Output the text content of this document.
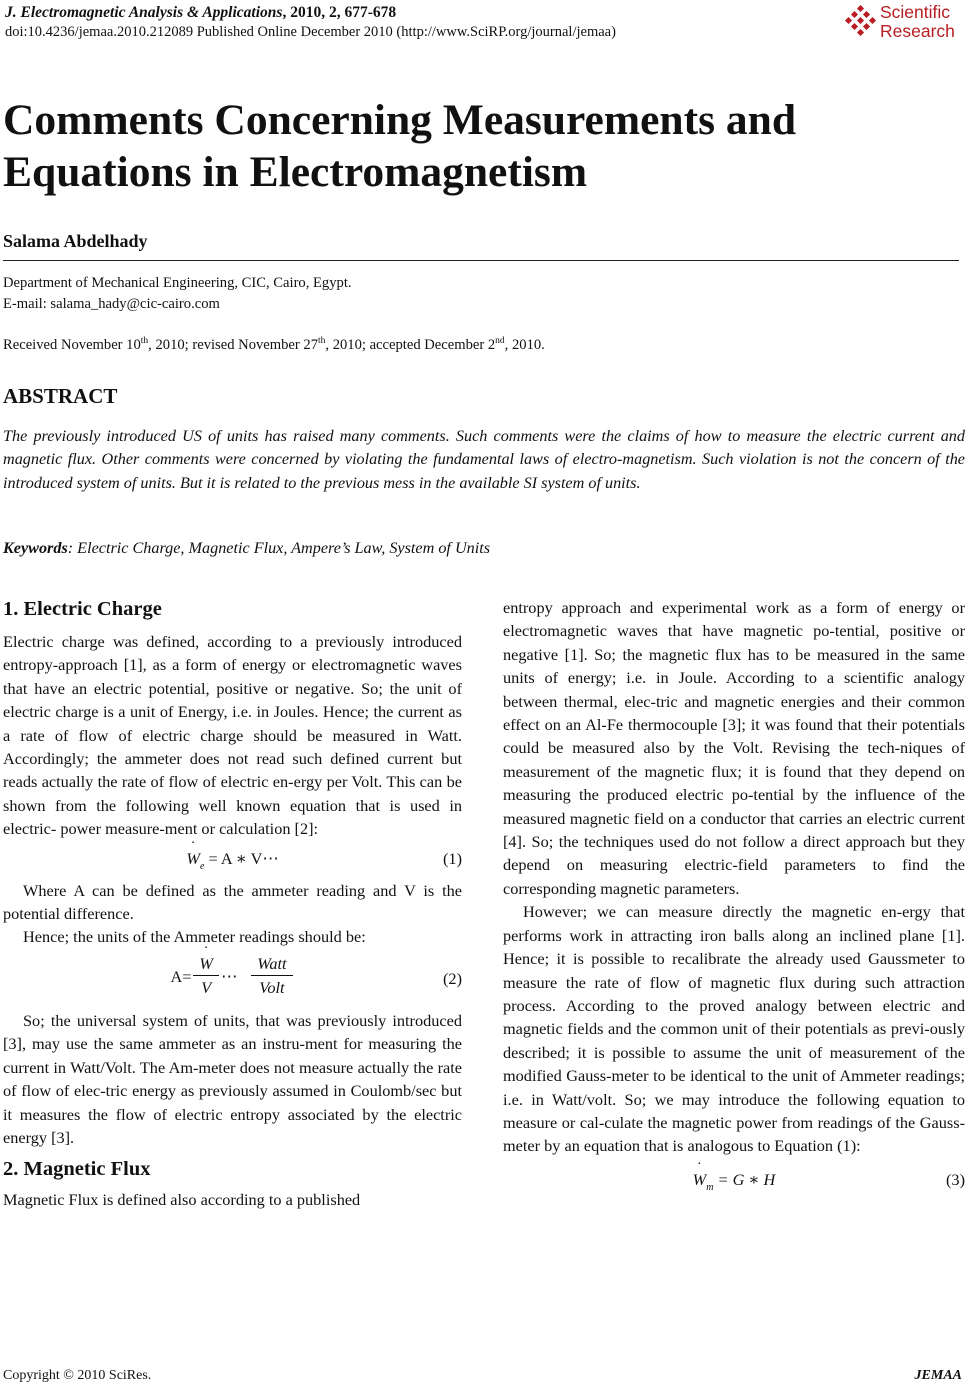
J. Electromagnetic Analysis & Applications, 2010, 2, 677-678
doi:10.4236/jemaa.2010.212089 Published Online December 2010 (http://www.SciRP.org/journal/jemaa)
Scientific
Research
Comments Concerning Measurements and
Equations in Electromagnetism
Salama Abdelhady
Department of Mechanical Engineering, CIC, Cairo, Egypt.
E-mail: salama_hady@cic-cairo.com
Received November 10th, 2010; revised November 27th, 2010; accepted December 2nd, 2010.
ABSTRACT

The previously introduced US of units has raised many comments. Such comments were the claims of how to measure the electric current and magnetic flux. Other comments were concerned by violating the fundamental laws of electro-magnetism. Such violation is not the concern of the introduced system of units. But it is related to the previous mess in the available SI system of units.

Keywords: Electric Charge, Magnetic Flux, Ampere’s Law, System of Units
1. Electric Charge

Electric charge was defined, according to a previously introduced entropy-approach [1], as a form of energy or electromagnetic waves that have an electric potential, positive or negative. So; the unit of electric charge is a unit of Energy, i.e. in Joules. Hence; the current as a rate of flow of electric charge should be measured in Watt. Accordingly; the ammeter does not read such defined current but reads actually the rate of flow of electric en-ergy per Volt. This can be shown from the following well known equation that is used in electric- power measure-ment or calculation [2]:

˙ $W_e = A$ ∗ V⋯	(1)

Where A can be defined as the ammeter reading and V is the potential difference.

Hence; the units of the Ammeter readings should be:

A=
˙ $\frac{W}{V}$ ⋯ $\frac{\text{Watt}}{\text{Volt}}$	(2)

So; the universal system of units, that was previously introduced [3], may use the same ammeter as an instru-ment for measuring the current in Watt/Volt. The Am-meter does not measure actually the rate of flow of elec-tric energy as previously assumed in Coulomb/sec but it measures the flow of electric entropy associated by the electric energy [3].

2. Magnetic Flux

Magnetic Flux is defined also according to a published

entropy approach and experimental work as a form of energy or electromagnetic waves that have magnetic po-tential, positive or negative [1]. So; the magnetic flux has to be measured in the same units of energy; i.e. in Joule. According to a scientific analogy between thermal, elec-tric and magnetic energies and their common effect on an Al-Fe thermocouple [3]; it was found that their potentials could be measured also by the Volt. Revising the tech-niques of measurement of the magnetic flux; it is found that they depend on measuring the produced electric po-tential by the influence of the measured magnetic field on a conductor that carries an electric current [4]. So; the techniques used do not follow a direct approach but they depend on measuring electric-field parameters to find the corresponding magnetic parameters.

However; we can measure directly the magnetic en-ergy that performs work in attracting iron balls along an inclined plane [1]. Hence; it is possible to recalibrate the already used Gaussmeter to measure the rate of flow of magnetic flux during such attraction process. According to the proved analogy between electric and magnetic fields and the common unit of their potentials as previ-ously described; it is possible to assume the unit of measurement of the modified Gauss-meter to be identical to the unit of Ammeter readings; i.e. in Watt/volt. So; we may introduce the following equation to measure or cal-culate the magnetic power from readings of the Gauss-meter by an equation that is analogous to Equation (1):

˙ $W_m = G$ ∗ H	(3)
Copyright © 2010 SciRes.	JEMAA
